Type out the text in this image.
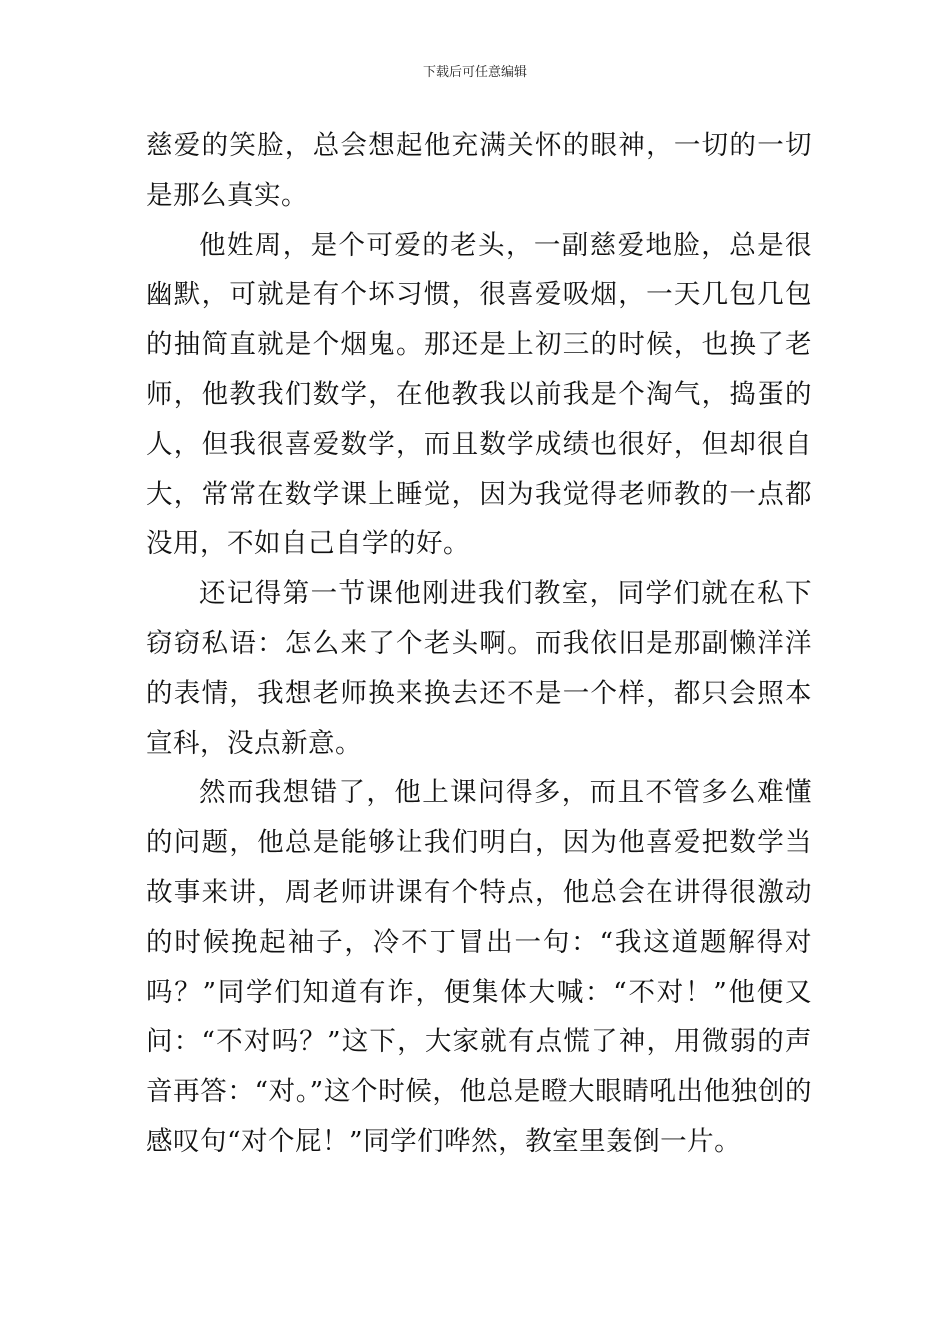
下载后可任意编辑

慈爱的笑脸，总会想起他充满关怀的眼神，一切的一切是那么真实。

他姓周，是个可爱的老头，一副慈爱地脸，总是很幽默，可就是有个坏习惯，很喜爱吸烟，一天几包几包的抽简直就是个烟鬼。那还是上初三的时候，也换了老师，他教我们数学，在他教我以前我是个淘气，捣蛋的人，但我很喜爱数学，而且数学成绩也很好，但却很自大，常常在数学课上睡觉，因为我觉得老师教的一点都没用，不如自己自学的好。

还记得第一节课他刚进我们教室，同学们就在私下窃窃私语：怎么来了个老头啊。而我依旧是那副懒洋洋的表情，我想老师换来换去还不是一个样，都只会照本宣科，没点新意。

然而我想错了，他上课问得多，而且不管多么难懂的问题，他总是能够让我们明白，因为他喜爱把数学当故事来讲，周老师讲课有个特点，他总会在讲得很激动的时候挽起袖子，冷不丁冒出一句：“我这道题解得对吗？”同学们知道有诈，便集体大喊：“不对！”他便又问：“不对吗？”这下，大家就有点慌了神，用微弱的声音再答：“对。”这个时候，他总是瞪大眼睛吼出他独创的感叹句“对个屁！”同学们哗然，教室里轰倒一片。
